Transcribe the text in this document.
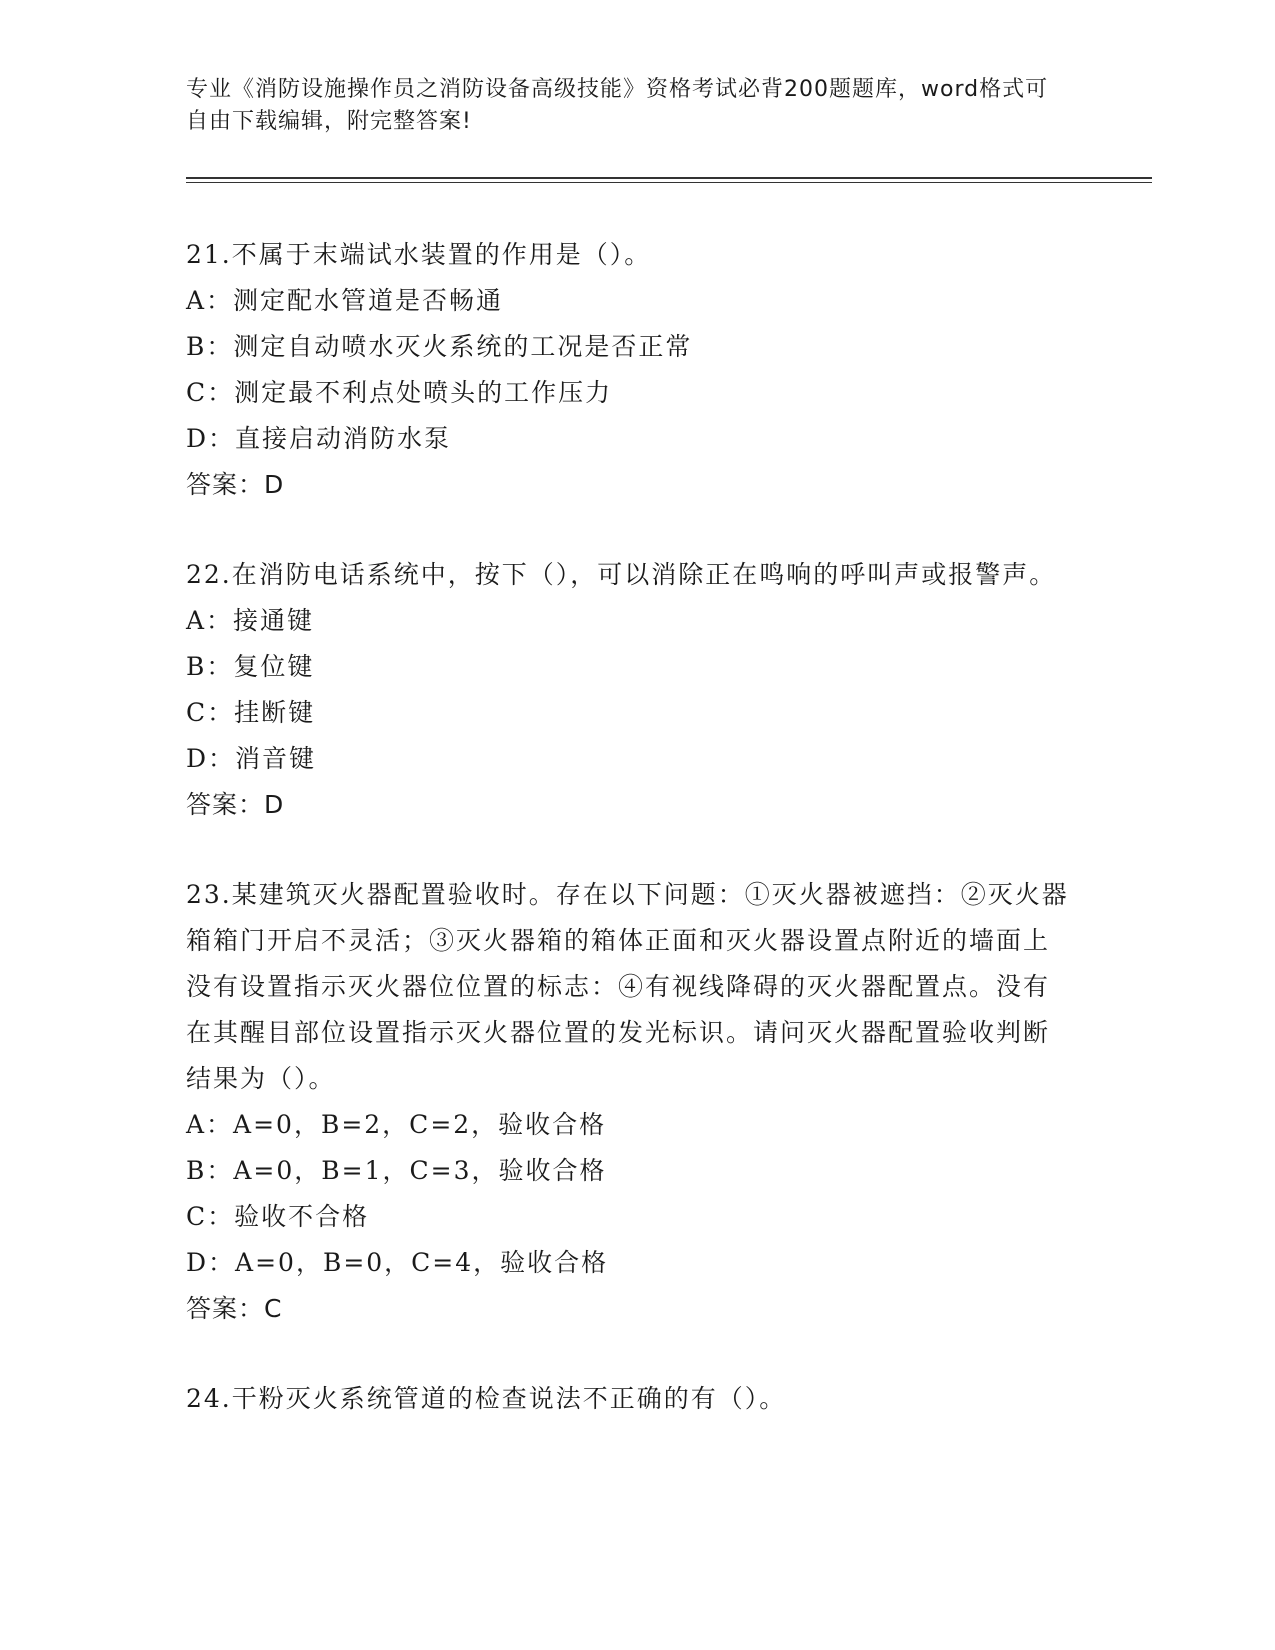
专业《消防设施操作员之消防设备高级技能》资格考试必背200题题库，word格式可自由下载编辑，附完整答案!

21.不属于末端试水装置的作用是（）。

A：测定配水管道是否畅通

B：测定自动喷水灭火系统的工况是否正常

C：测定最不利点处喷头的工作压力

D：直接启动消防水泵

答案：D

22.在消防电话系统中，按下（），可以消除正在鸣响的呼叫声或报警声。

A：接通键

B：复位键

C：挂断键

D：消音键

答案：D

23.某建筑灭火器配置验收时。存在以下问题：①灭火器被遮挡：②灭火器箱箱门开启不灵活；③灭火器箱的箱体正面和灭火器设置点附近的墙面上没有设置指示灭火器位位置的标志：④有视线降碍的灭火器配置点。没有在其醒目部位设置指示灭火器位置的发光标识。请问灭火器配置验收判断结果为（）。

A：A=0，B=2，C=2，验收合格

B：A=0，B=1，C=3，验收合格

C：验收不合格

D：A=0，B=0，C=4，验收合格

答案：C

24.干粉灭火系统管道的检查说法不正确的有（）。
